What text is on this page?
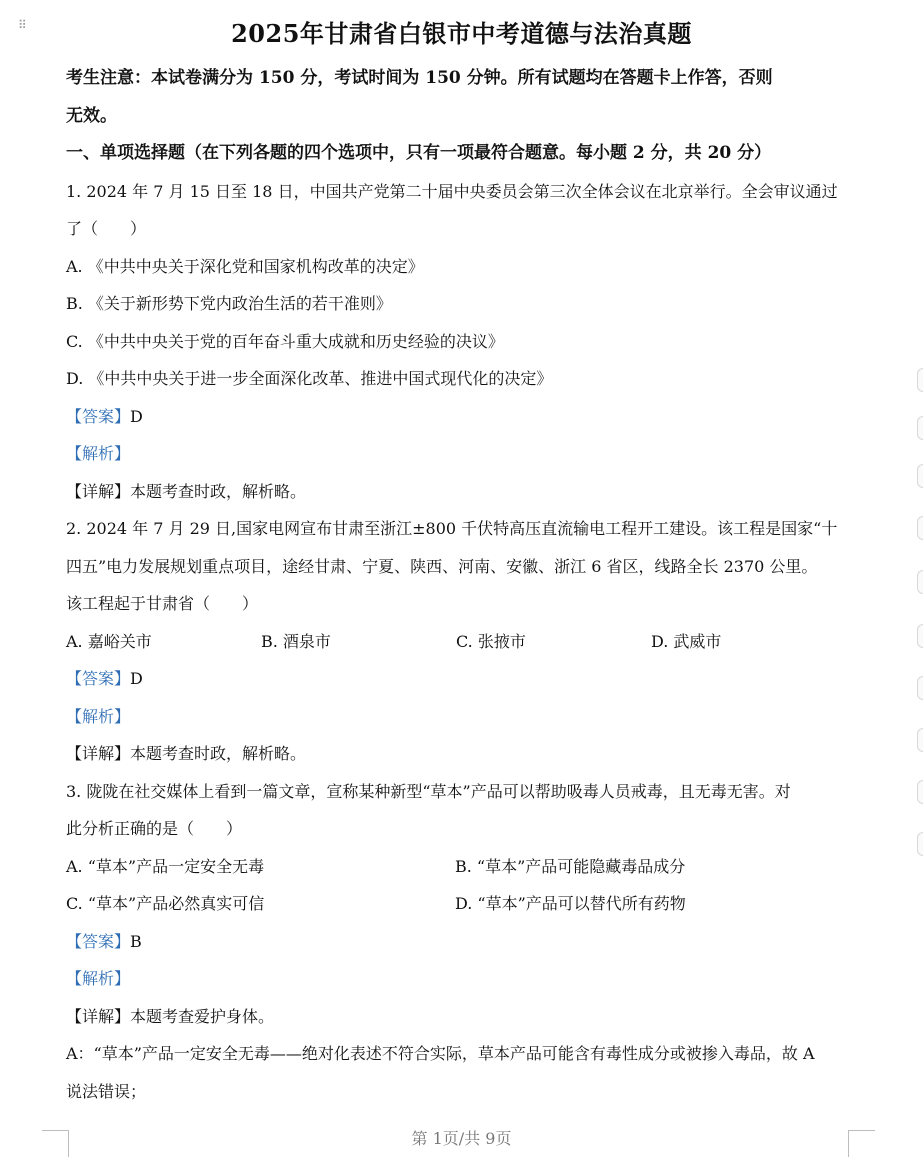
⠿	2025年甘肃省白银市中考道德与法治真题
考生注意：本试卷满分为 150 分，考试时间为 150 分钟。所有试题均在答题卡上作答，否则
无效。
一、单项选择题（在下列各题的四个选项中，只有一项最符合题意。每小题 2 分，共 20 分）
1. 2024 年 7 月 15 日至 18 日，中国共产党第二十届中央委员会第三次全体会议在北京举行。全会审议通过
了（　　）
A. 《中共中央关于深化党和国家机构改革的决定》
B. 《关于新形势下党内政治生活的若干准则》
C. 《中共中央关于党的百年奋斗重大成就和历史经验的决议》
D. 《中共中央关于进一步全面深化改革、推进中国式现代化的决定》
【答案】D
【解析】
【详解】本题考查时政，解析略。
2. 2024 年 7 月 29 日,国家电网宣布甘肃至浙江±800 千伏特高压直流输电工程开工建设。该工程是国家“十
四五”电力发展规划重点项目，途经甘肃、宁夏、陕西、河南、安徽、浙江 6 省区，线路全长 2370 公里。
该工程起于甘肃省（　　）
A. 嘉峪关市	B. 酒泉市	C. 张掖市	D. 武威市
【答案】D
【解析】
【详解】本题考查时政，解析略。
3. 陇陇在社交媒体上看到一篇文章，宣称某种新型“草本”产品可以帮助吸毒人员戒毒，且无毒无害。对
此分析正确的是（　　）
A. “草本”产品一定安全无毒	B. “草本”产品可能隐藏毒品成分
C. “草本”产品必然真实可信	D. “草本”产品可以替代所有药物
【答案】B
【解析】
【详解】本题考查爱护身体。
A：“草本”产品一定安全无毒——绝对化表述不符合实际，草本产品可能含有毒性成分或被掺入毒品，故 A
说法错误；
第 1页/共 9页
